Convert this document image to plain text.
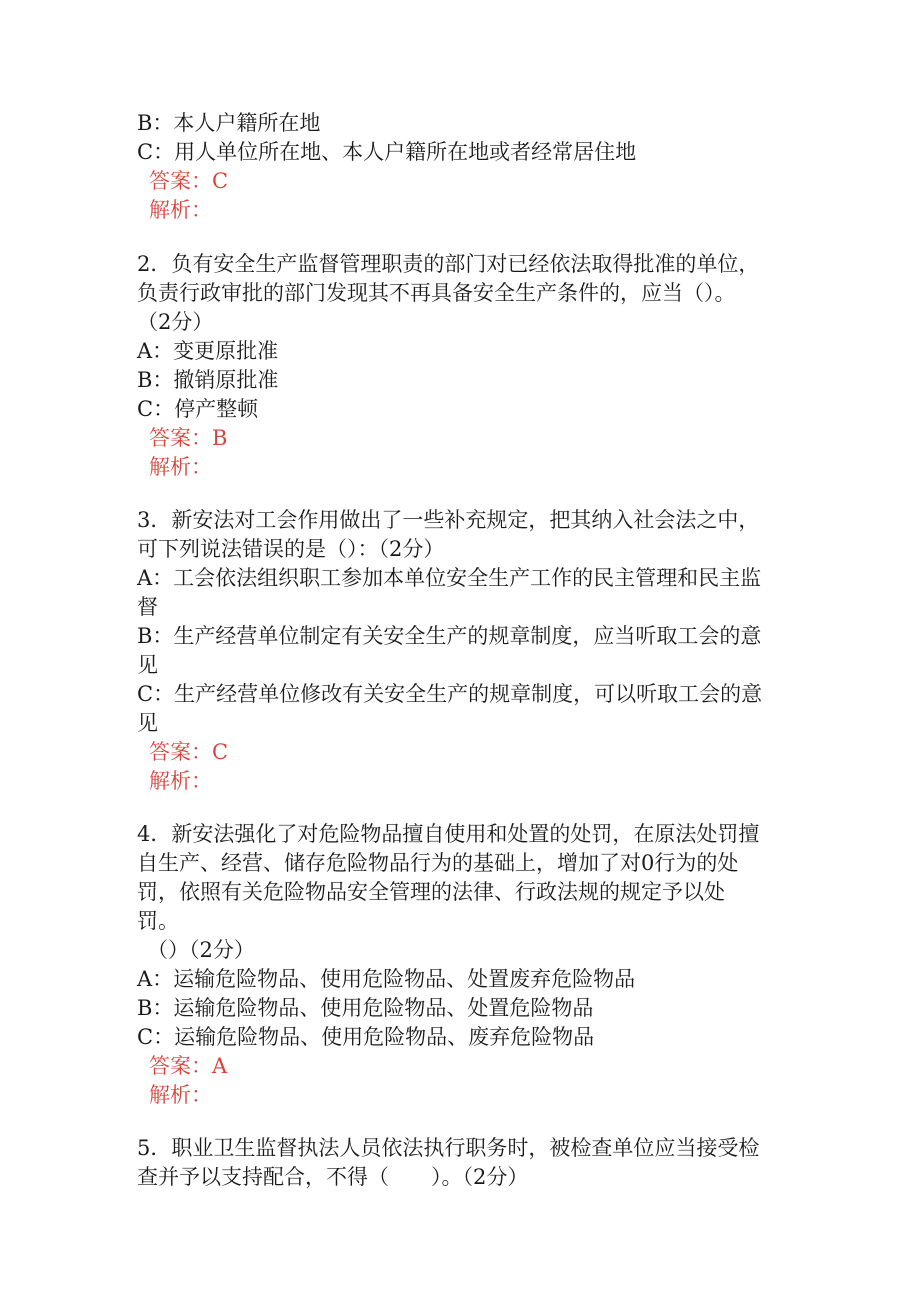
B：本人户籍所在地
C：用人单位所在地、本人户籍所在地或者经常居住地
答案：C
解析：
2．负有安全生产监督管理职责的部门对已经依法取得批准的单位，
负责行政审批的部门发现其不再具备安全生产条件的，应当（）。
（2分）
A：变更原批准
B：撤销原批准
C：停产整顿
答案：B
解析：
3．新安法对工会作用做出了一些补充规定，把其纳入社会法之中，
可下列说法错误的是（）：（2分）
A：工会依法组织职工参加本单位安全生产工作的民主管理和民主监
督
B：生产经营单位制定有关安全生产的规章制度，应当听取工会的意
见
C：生产经营单位修改有关安全生产的规章制度，可以听取工会的意
见
答案：C
解析：
4．新安法强化了对危险物品擅自使用和处置的处罚，在原法处罚擅
自生产、经营、储存危险物品行为的基础上，增加了对0行为的处
罚，依照有关危险物品安全管理的法律、行政法规的规定予以处
罚。
（）（2分）
A：运输危险物品、使用危险物品、处置废弃危险物品
B：运输危险物品、使用危险物品、处置危险物品
C：运输危险物品、使用危险物品、废弃危险物品
答案：A
解析：
5．职业卫生监督执法人员依法执行职务时，被检查单位应当接受检
查并予以支持配合，不得（　　）。（2分）
